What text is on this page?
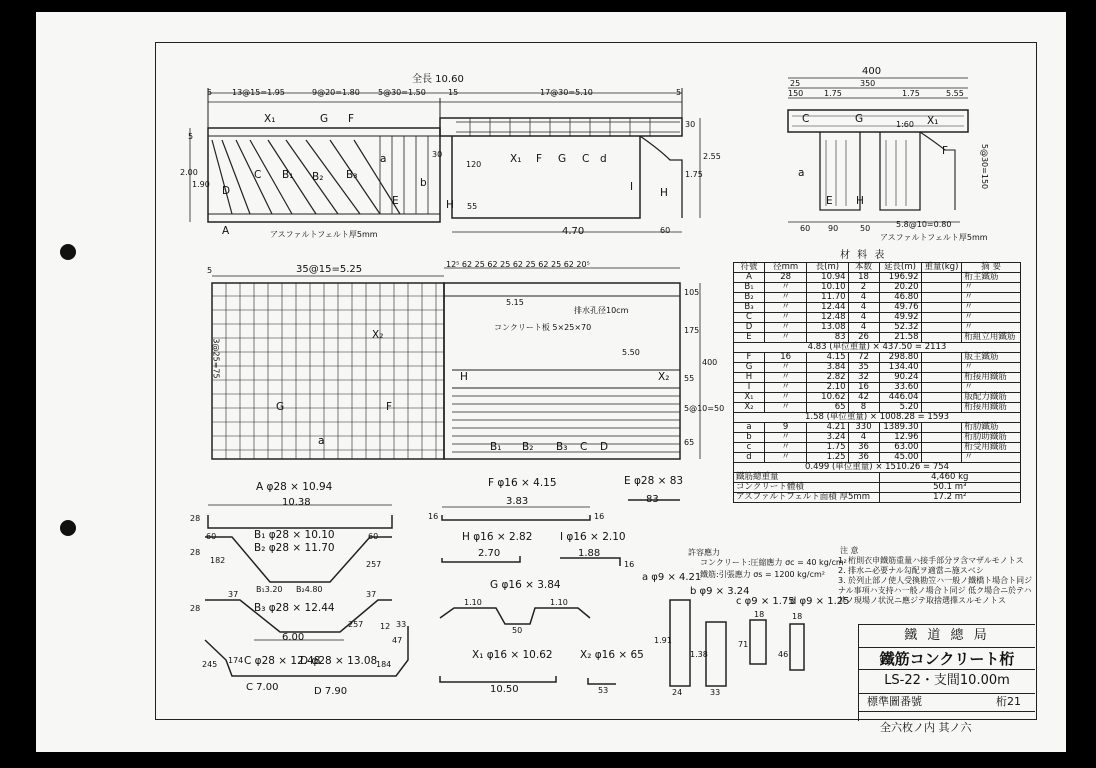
全長 10.60
5 13@15=1.95	9@20=1.80 5@30=1.50	15	17@30=5.10	5
2.00
1.90
5
120
55
1.75
2.55
30
30
4.70	60
アスファルトフェルト厚5mm
X₁	G F
a
B₃
B₂
B₁
C
D
E
b
H
A
X₁ F G C d
I	H
400
350
25
150	1.75	1.75	5.55
1:60
60 90	50	5.8@10=0.80
アスファルトフェルト厚5mm
5@30=150
C	G	X₁
F
a
E H
5	35@15=5.25	12⁵ 62 25 62 25 62 25 62 25 62 20⁵
排水孔径10cm
コンクリート板 5×25×70
5.15
5.50
3@25=75
105
175
55
400
5@10=50
65
X₂
G	F
H	X₂
B₁ B₂ B₃ C D
a
A φ28 × 10.94
10.38
28
60	60
B₁ φ28 × 10.10
B₂ φ28 × 11.70
182
B₁3.20 B₂4.80
257
28
B₃ φ28 × 12.44
37	37
28
257 12
6.00
174
245	184
47
33
C φ28 × 12.48
D φ28 × 13.08
C 7.00	D 7.90
F φ16 × 4.15
3.83
16	16
E φ28 × 83
83
H φ16 × 2.82
2.70
I φ16 × 2.10
1.88
16
G φ16 × 3.84
1.10	1.10
50
X₁ φ16 × 10.62
10.50
X₂ φ16 × 65
53
a φ9 × 4.21
b φ9 × 3.24
c φ9 × 1.75
d φ9 × 1.25
1.91
24
1.38
33
71
18
46
18
許容應力
コンクリート:圧縮應力 σc = 40 kg/cm²
鐵筋:引張應力 σs = 1200 kg/cm²
注 意
1. 桁則衣申鐵筋重量ハ接手部分ヲ含マザルモノトス
2. 排水ニ必要ナル勾配ヲ適當ニ施スベシ
3. 於列止部ノ使人受換勘笠ハ一般ノ鐵橋ト場合ト同ジ
ナル事項ハ支持ハ一般ノ場合ト同ジ 低ク場合ニ於テハ
其ノ現場ノ状況ニ應ジテ取捨選擇スルモノトス
材 料 表
符號	径mm	長(m)	本数	延長(m)	重量(kg)	摘 要
A	28	10.94	18	196.92		桁主鐵筋
B₁	〃	10.10	2	20.20		〃
B₂	〃	11.70	4	46.80		〃
B₃	〃	12.44	4	49.76		〃
C	〃	12.48	4	49.92		〃
D	〃	13.08	4	52.32		〃
E	〃	83	26	21.58		桁組立用鐵筋
4.83 (単位重量) × 437.50 = 2113						
F	16	4.15	72	298.80		版主鐵筋
G	〃	3.84	35	134.40		〃
H	〃	2.82	32	90.24		桁接用鐵筋
I	〃	2.10	16	33.60		〃
X₁	〃	10.62	42	446.04		版配力鐵筋
X₂	〃	65	8	5.20		桁接用鐵筋
1.58 (単位重量) × 1008.28 = 1593						
a	9	4.21	330	1389.30		桁肋鐵筋
b	〃	3.24	4	12.96		桁肋助鐵筋
c	〃	1.75	36	63.00		桁受用鐵筋
d	〃	1.25	36	45.00		〃
0.499 (単位重量) × 1510.26 = 754						
鐵筋總重量				4,460 kg		
コンクリート體積				50.1 m³		
アスファルトフェルト面積 厚5mm				17.2 m²		
鐵 道 總 局
鐵筋コンクリート桁
LS-22・支間10.00m
標準圖番號	桁21
全六枚ノ内 其ノ六
